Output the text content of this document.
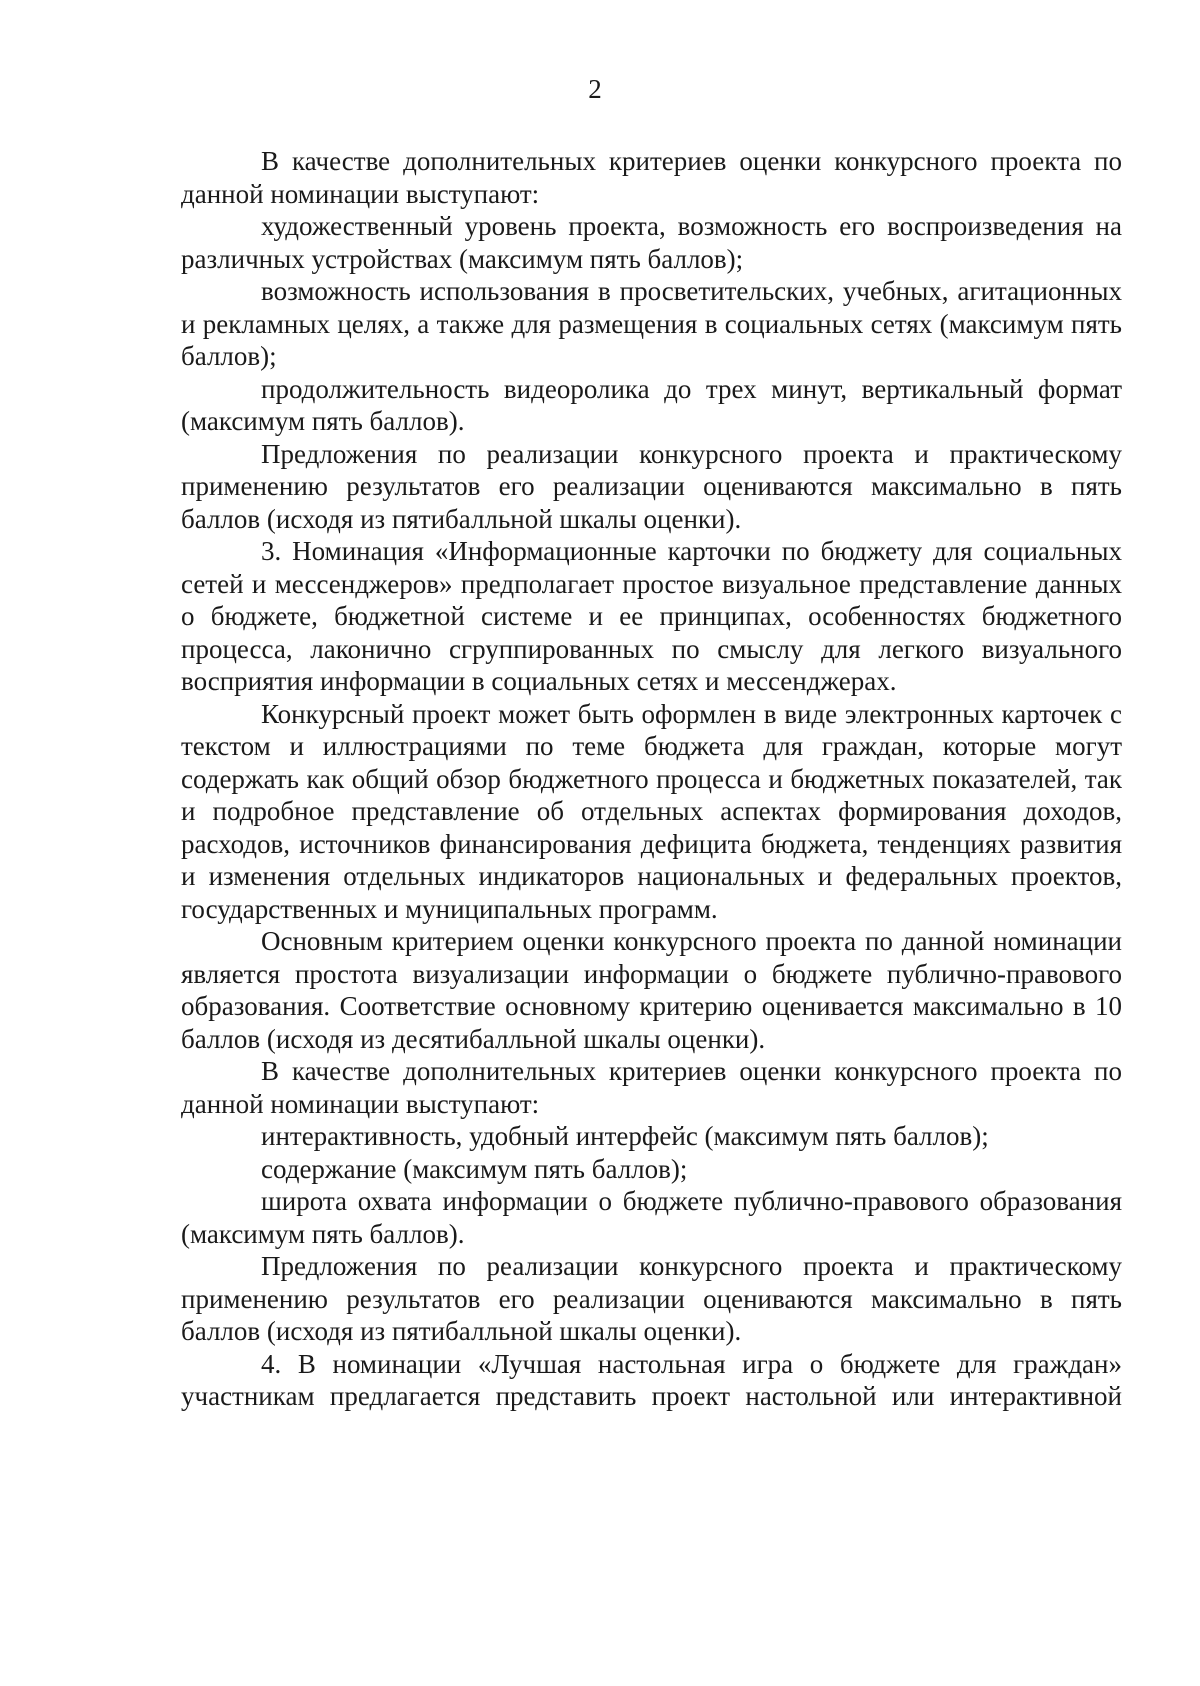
2

В качестве дополнительных критериев оценки конкурсного проекта по данной номинации выступают:

художественный уровень проекта, возможность его воспроизведения на различных устройствах (максимум пять баллов);

возможность использования в просветительских, учебных, агитационных и рекламных целях, а также для размещения в социальных сетях (максимум пять баллов);

продолжительность видеоролика до трех минут, вертикальный формат (максимум пять баллов).

Предложения по реализации конкурсного проекта и практическому применению результатов его реализации оцениваются максимально в пять баллов (исходя из пятибалльной шкалы оценки).

3. Номинация «Информационные карточки по бюджету для социальных сетей и мессенджеров» предполагает простое визуальное представление данных о бюджете, бюджетной системе и ее принципах, особенностях бюджетного процесса, лаконично сгруппированных по смыслу для легкого визуального восприятия информации в социальных сетях и мессенджерах.

Конкурсный проект может быть оформлен в виде электронных карточек с текстом и иллюстрациями по теме бюджета для граждан, которые могут содержать как общий обзор бюджетного процесса и бюджетных показателей, так и подробное представление об отдельных аспектах формирования доходов, расходов, источников финансирования дефицита бюджета, тенденциях развития и изменения отдельных индикаторов национальных и федеральных проектов, государственных и муниципальных программ.

Основным критерием оценки конкурсного проекта по данной номинации является простота визуализации информации о бюджете публично-правового образования. Соответствие основному критерию оценивается максимально в 10 баллов (исходя из десятибалльной шкалы оценки).

В качестве дополнительных критериев оценки конкурсного проекта по данной номинации выступают:

интерактивность, удобный интерфейс (максимум пять баллов);

содержание (максимум пять баллов);

широта охвата информации о бюджете публично-правового образования (максимум пять баллов).

Предложения по реализации конкурсного проекта и практическому применению результатов его реализации оцениваются максимально в пять баллов (исходя из пятибалльной шкалы оценки).

4. В номинации «Лучшая настольная игра о бюджете для граждан» участникам предлагается представить проект настольной или интерактивной
